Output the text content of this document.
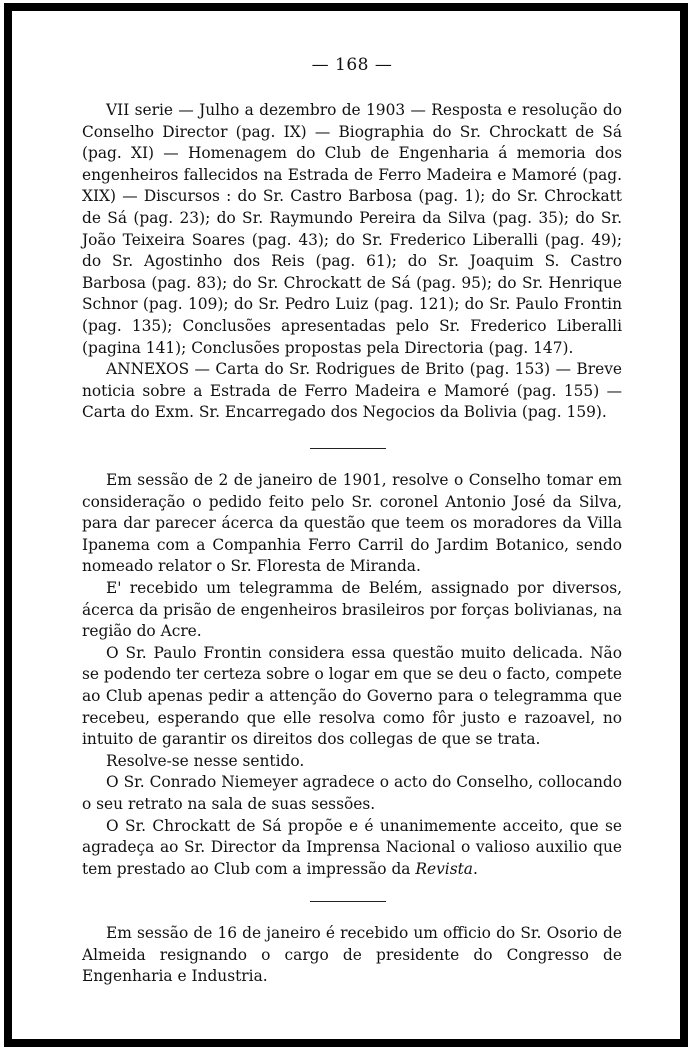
— 168 —

VII serie — Julho a dezembro de 1903 — Resposta e resolução do Conselho Director (pag. IX) — Biographia do Sr. Chrockatt de Sá (pag. XI) — Homenagem do Club de Engenharia á memoria dos engenheiros fallecidos na Estrada de Ferro Madeira e Mamoré (pag. XIX) — Discursos : do Sr. Castro Barbosa (pag. 1); do Sr. Chrockatt de Sá (pag. 23); do Sr. Raymundo Pereira da Silva (pag. 35); do Sr. João Teixeira Soares (pag. 43); do Sr. Frederico Liberalli (pag. 49); do Sr. Agostinho dos Reis (pag. 61); do Sr. Joaquim S. Castro Barbosa (pag. 83); do Sr. Chrockatt de Sá (pag. 95); do Sr. Henrique Schnor (pag. 109); do Sr. Pedro Luiz (pag. 121); do Sr. Paulo Frontin (pag. 135); Conclusões apresentadas pelo Sr. Frederico Liberalli (pagina 141); Conclusões propostas pela Directoria (pag. 147).

ANNEXOS — Carta do Sr. Rodrigues de Brito (pag. 153) — Breve noticia sobre a Estrada de Ferro Madeira e Mamoré (pag. 155) — Carta do Exm. Sr. Encarregado dos Negocios da Bolivia (pag. 159).

Em sessão de 2 de janeiro de 1901, resolve o Conselho tomar em consideração o pedido feito pelo Sr. coronel Antonio José da Silva, para dar parecer ácerca da questão que teem os moradores da Villa Ipanema com a Companhia Ferro Carril do Jardim Botanico, sendo nomeado relator o Sr. Floresta de Miranda.

E' recebido um telegramma de Belém, assignado por diversos, ácerca da prisão de engenheiros brasileiros por forças bolivianas, na região do Acre.

O Sr. Paulo Frontin considera essa questão muito delicada. Não se podendo ter certeza sobre o logar em que se deu o facto, compete ao Club apenas pedir a attenção do Governo para o telegramma que recebeu, esperando que elle resolva como fôr justo e razoavel, no intuito de garantir os direitos dos collegas de que se trata.

Resolve-se nesse sentido.

O Sr. Conrado Niemeyer agradece o acto do Conselho, collocando o seu retrato na sala de suas sessões.

O Sr. Chrockatt de Sá propõe e é unanimemente acceito, que se agradeça ao Sr. Director da Imprensa Nacional o valioso auxilio que tem prestado ao Club com a impressão da Revista.

Em sessão de 16 de janeiro é recebido um officio do Sr. Osorio de Almeida resignando o cargo de presidente do Congresso de Engenharia e Industria.
